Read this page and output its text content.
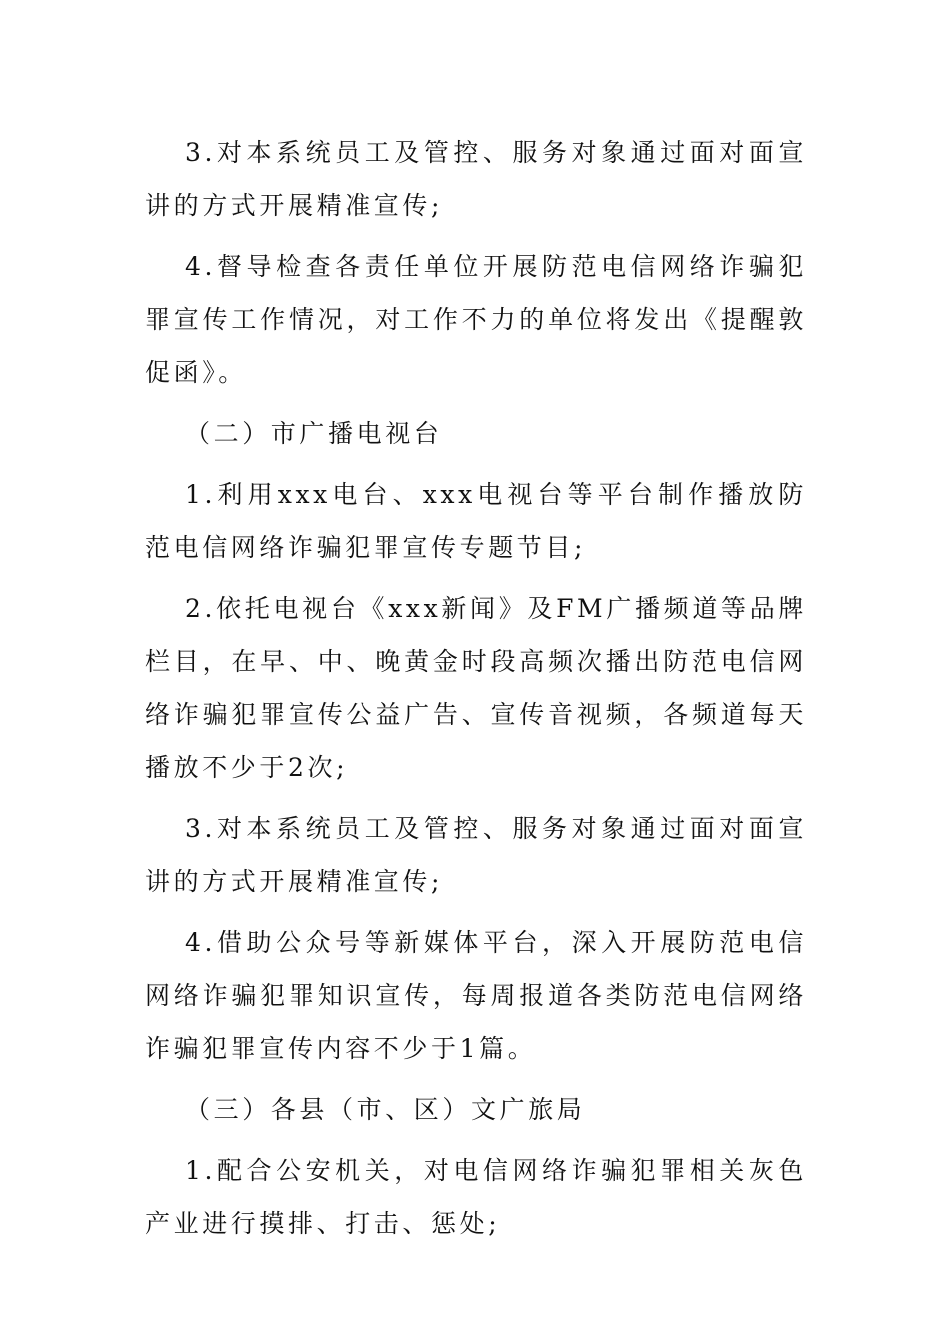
3.对本系统员工及管控、服务对象通过面对面宣讲的方式开展精准宣传;

4.督导检查各责任单位开展防范电信网络诈骗犯罪宣传工作情况，对工作不力的单位将发出《提醒敦促函》。

（二）市广播电视台

1.利用xxx电台、xxx电视台等平台制作播放防范电信网络诈骗犯罪宣传专题节目;

2.依托电视台《xxx新闻》及FM广播频道等品牌栏目，在早、中、晚黄金时段高频次播出防范电信网络诈骗犯罪宣传公益广告、宣传音视频，各频道每天播放不少于2次;

3.对本系统员工及管控、服务对象通过面对面宣讲的方式开展精准宣传;

4.借助公众号等新媒体平台，深入开展防范电信网络诈骗犯罪知识宣传，每周报道各类防范电信网络诈骗犯罪宣传内容不少于1篇。

（三）各县（市、区）文广旅局

1.配合公安机关，对电信网络诈骗犯罪相关灰色产业进行摸排、打击、惩处;
